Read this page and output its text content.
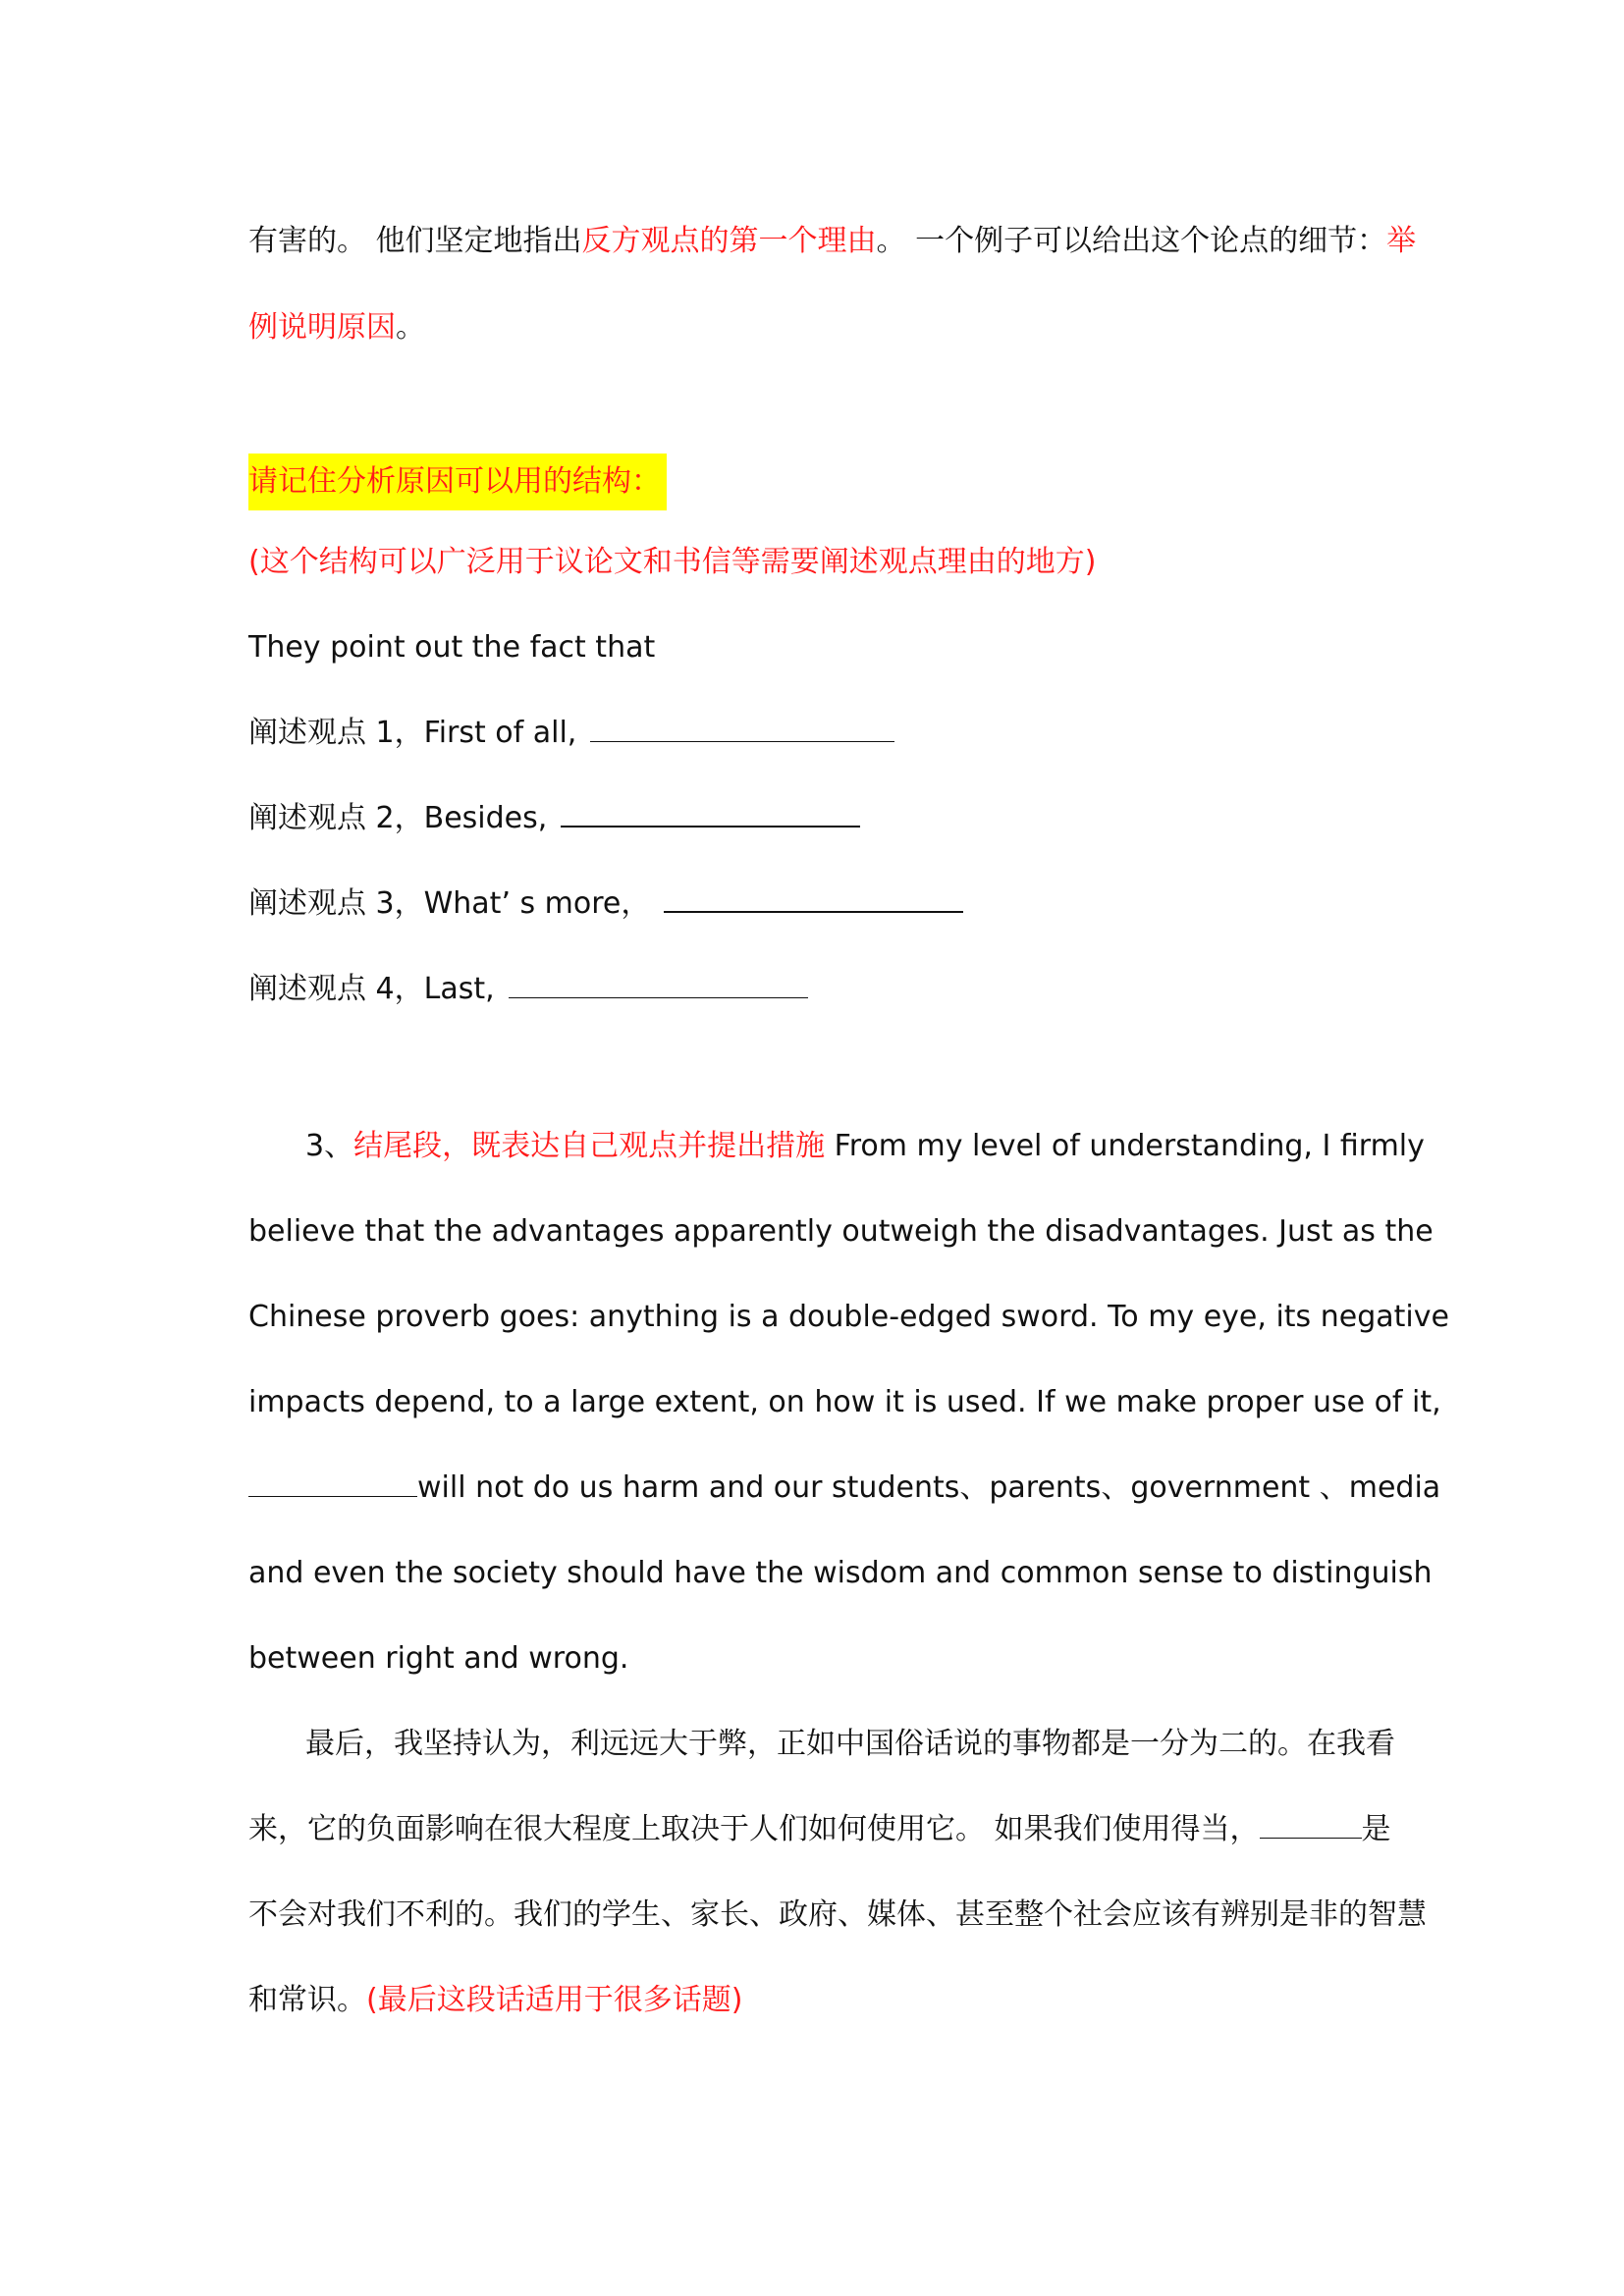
有害的。 他们坚定地指出反方观点的第一个理由。 一个例子可以给出这个论点的细节：举
例说明原因。
请记住分析原因可以用的结构：
(这个结构可以广泛用于议论文和书信等需要阐述观点理由的地方)
They point out the fact that
阐述观点 1，First of all,
阐述观点 2，Besides,
阐述观点 3，What’ s more，
阐述观点 4，Last,
3、结尾段，既表达自己观点并提出措施 From my level of understanding, I firmly
believe that the advantages apparently outweigh the disadvantages. Just as the
Chinese proverb goes: anything is a double-edged sword. To my eye, its negative
impacts depend, to a large extent, on how it is used. If we make proper use of it,
will not do us harm and our students、parents、government 、media
and even the society should have the wisdom and common sense to distinguish
between right and wrong.
最后，我坚持认为，利远远大于弊，正如中国俗话说的事物都是一分为二的。在我看
来，它的负面影响在很大程度上取决于人们如何使用它。 如果我们使用得当，	是
不会对我们不利的。我们的学生、家长、政府、媒体、甚至整个社会应该有辨别是非的智慧
和常识。(最后这段话适用于很多话题)
